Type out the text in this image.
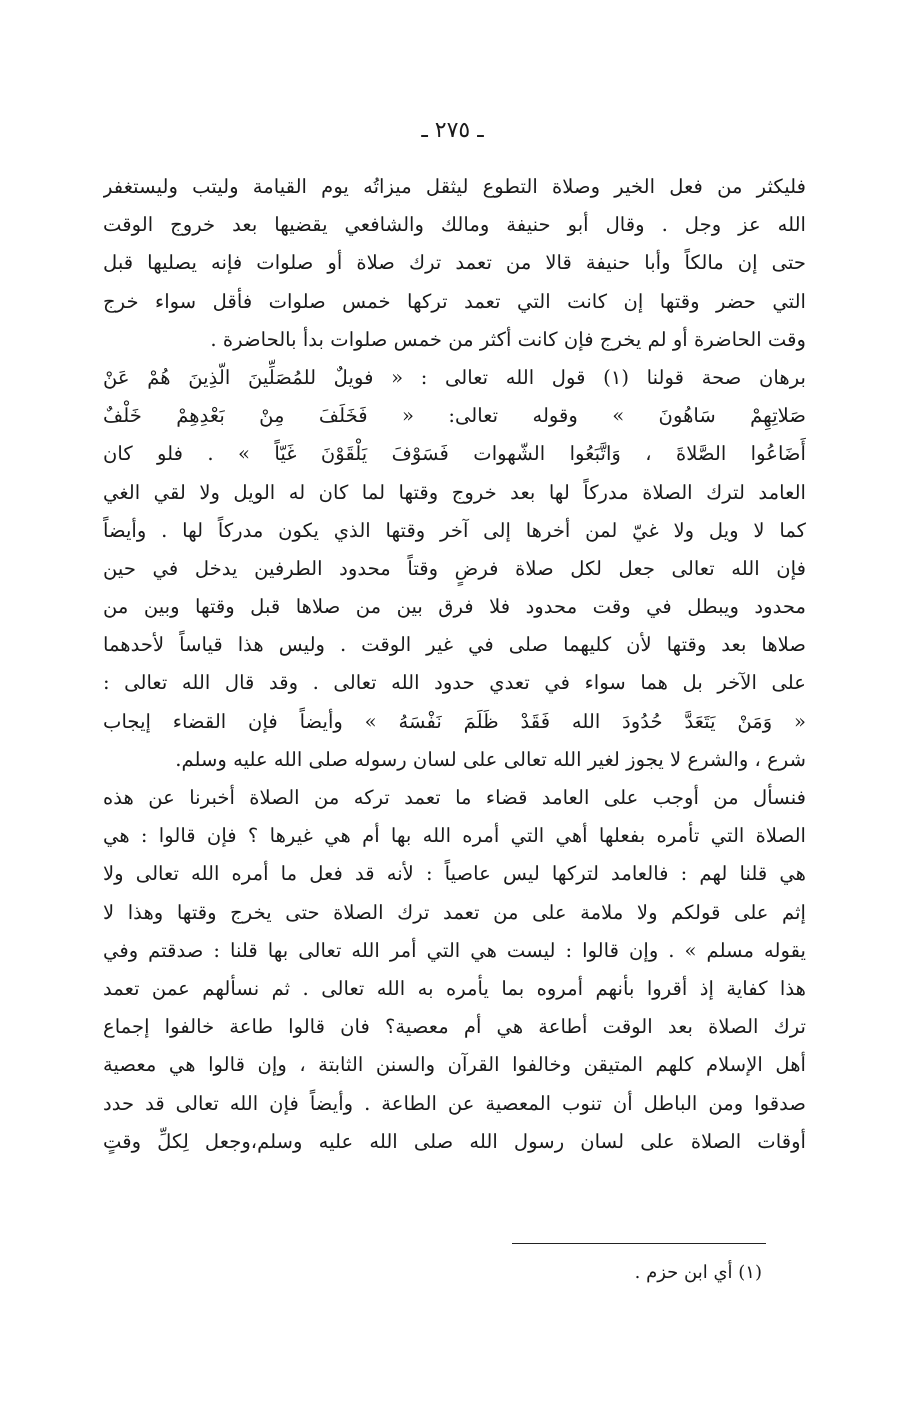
ـ ٢٧٥ ـ
فليكثر من فعل الخير وصلاة التطوع ليثقل ميزاتُه يوم القيامة وليتب وليستغفر
الله عز وجل . وقال أبو حنيفة ومالك والشافعي يقضيها بعد خروج الوقت
حتى إن مالكاً وأبا حنيفة قالا من تعمد ترك صلاة أو صلوات فإنه يصليها قبل
التي حضر وقتها إن كانت التي تعمد تركها خمس صلوات فأقل سواء خرج
وقت الحاضرة أو لم يخرج فإن كانت أكثر من خمس صلوات بدأ بالحاضرة .
برهان صحة قولنا (١) قول الله تعالى : « فويلٌ للمُصَلِّينَ الّذِينَ هُمْ عَنْ
صَلاتِهِمْ سَاهُونَ » وقوله تعالى: « فَخَلَفَ مِنْ بَعْدِهِمْ خَلْفٌ
أَضَاعُوا الصَّلاةَ ، وَاتَّبَعُوا الشّهوات فَسَوْفَ يَلْقَوْنَ غَيّاً » . فلو كان
العامد لترك الصلاة مدركاً لها بعد خروج وقتها لما كان له الويل ولا لقي الغي
كما لا ويل ولا غيّ لمن أخرها إلى آخر وقتها الذي يكون مدركاً لها . وأيضاً
فإن الله تعالى جعل لكل صلاة فرضٍ وقتاً محدود الطرفين يدخل في حين
محدود ويبطل في وقت محدود فلا فرق بين من صلاها قبل وقتها وبين من
صلاها بعد وقتها لأن كليهما صلى في غير الوقت . وليس هذا قياساً لأحدهما
على الآخر بل هما سواء في تعدي حدود الله تعالى . وقد قال الله تعالى :
« وَمَنْ يَتَعَدَّ حُدُودَ الله فَقَدْ ظَلَمَ نَفْسَهُ » وأيضاً فإن القضاء إيجاب
شرع ، والشرع لا يجوز لغير الله تعالى على لسان رسوله صلى الله عليه وسلم.
فنسأل من أوجب على العامد قضاء ما تعمد تركه من الصلاة أخبرنا عن هذه
الصلاة التي تأمره بفعلها أهي التي أمره الله بها أم هي غيرها ؟ فإن قالوا : هي
هي قلنا لهم : فالعامد لتركها ليس عاصياً : لأنه قد فعل ما أمره الله تعالى ولا
إثم على قولكم ولا ملامة على من تعمد ترك الصلاة حتى يخرج وقتها وهذا لا
يقوله مسلم » . وإن قالوا : ليست هي التي أمر الله تعالى بها قلنا : صدقتم وفي
هذا كفاية إذ أقروا بأنهم أمروه بما يأمره به الله تعالى . ثم نسألهم عمن تعمد
ترك الصلاة بعد الوقت أطاعة هي أم معصية؟ فان قالوا طاعة خالفوا إجماع
أهل الإسلام كلهم المتيقن وخالفوا القرآن والسنن الثابتة ، وإن قالوا هي معصية
صدقوا ومن الباطل أن تنوب المعصية عن الطاعة . وأيضاً فإن الله تعالى قد حدد
أوقات الصلاة على لسان رسول الله صلى الله عليه وسلم،وجعل لِكلِّ وقتٍ
(١) أي ابن حزم .
